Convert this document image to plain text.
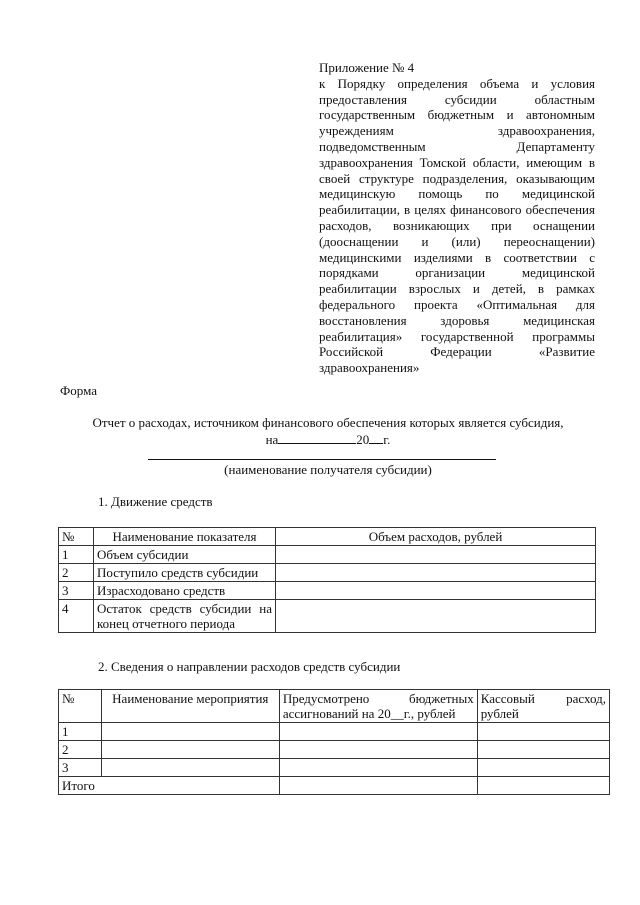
Приложение № 4
к Порядку определения объема и условия предоставления субсидии областным государственным бюджетным и автономным учреждениям здравоохранения, подведомственным Департаменту здравоохранения Томской области, имеющим в своей структуре подразделения, оказывающим медицинскую помощь по медицинской реабилитации, в целях финансового обеспечения расходов, возникающих при оснащении (дооснащении и (или) переоснащении) медицинскими изделиями в соответствии с порядками организации медицинской реабилитации взрослых и детей, в рамках федерального проекта «Оптимальная для восстановления здоровья медицинская реабилитация» государственной программы Российской Федерации «Развитие здравоохранения»
Форма
Отчет о расходах, источником финансового обеспечения которых является субсидия,
на	20 г.
(наименование получателя субсидии)
1. Движение средств
№	Наименование показателя	Объем расходов, рублей
1	Объем субсидии	
2	Поступило средств субсидии	
3	Израсходовано средств	
4	Остаток средств субсидии на конец отчетного периода	
2. Сведения о направлении расходов средств субсидии
№	Наименование мероприятия	Предусмотрено бюджетных ассигнований на 20__г., рублей	Кассовый расход, рублей
1			
2			
3			
Итого			
